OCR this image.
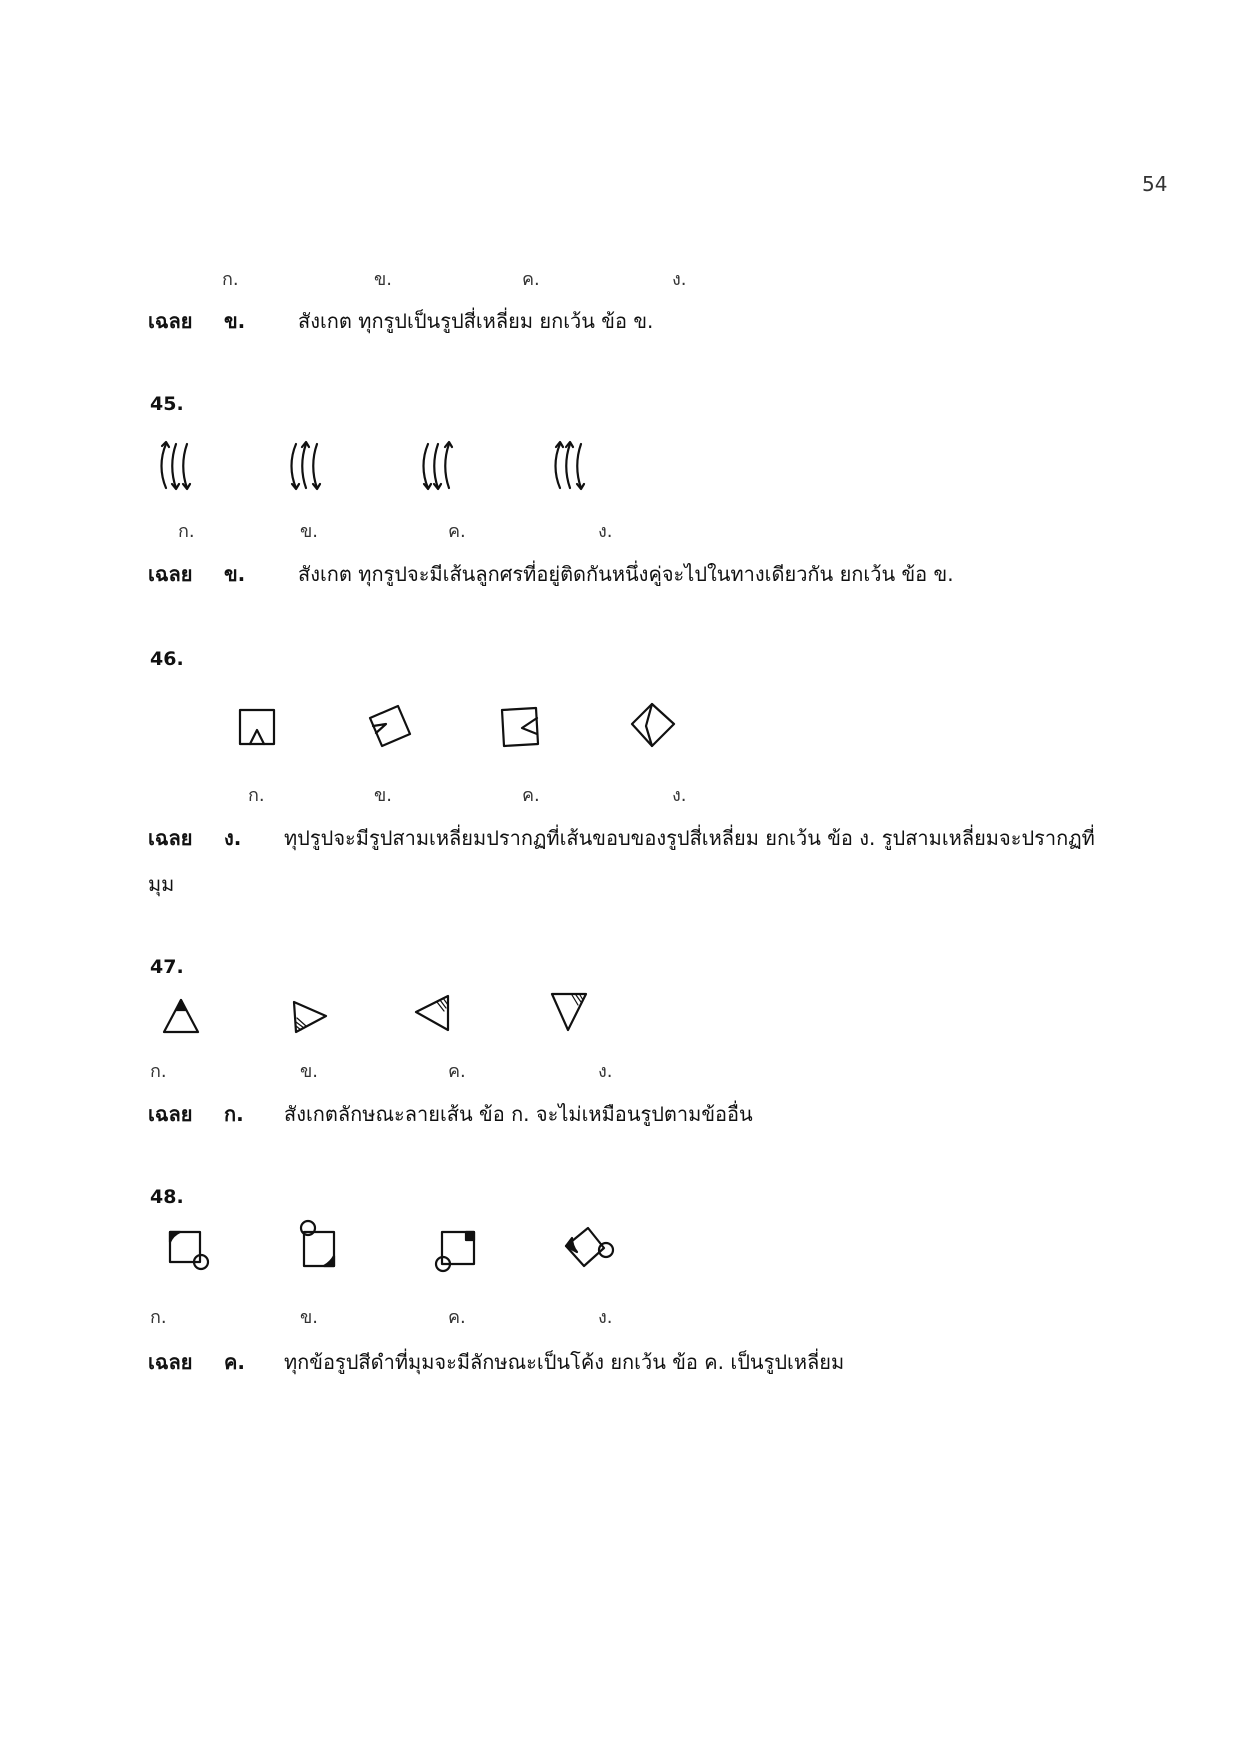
54
ก.	ข.	ค.	ง.
เฉลย ข.	สังเกต ทุกรูปเป็นรูปสี่เหลี่ยม ยกเว้น ข้อ ข.
45.
ก.	ข.	ค.	ง.
เฉลย ข.	สังเกต ทุกรูปจะมีเส้นลูกศรที่อยู่ติดกันหนึ่งคู่จะไปในทางเดียวกัน ยกเว้น ข้อ ข.
46.
ก.	ข.	ค.	ง.
เฉลย ง. ทุปรูปจะมีรูปสามเหลี่ยมปรากฏที่เส้นขอบของรูปสี่เหลี่ยม ยกเว้น ข้อ ง. รูปสามเหลี่ยมจะปรากฏที่
มุม
47.
ก.	ข.	ค.	ง.
เฉลย ก. สังเกตลักษณะลายเส้น ข้อ ก. จะไม่เหมือนรูปตามข้ออื่น
48.
ก.	ข.	ค.	ง.
เฉลย ค. ทุกข้อรูปสีดำที่มุมจะมีลักษณะเป็นโค้ง ยกเว้น ข้อ ค. เป็นรูปเหลี่ยม
